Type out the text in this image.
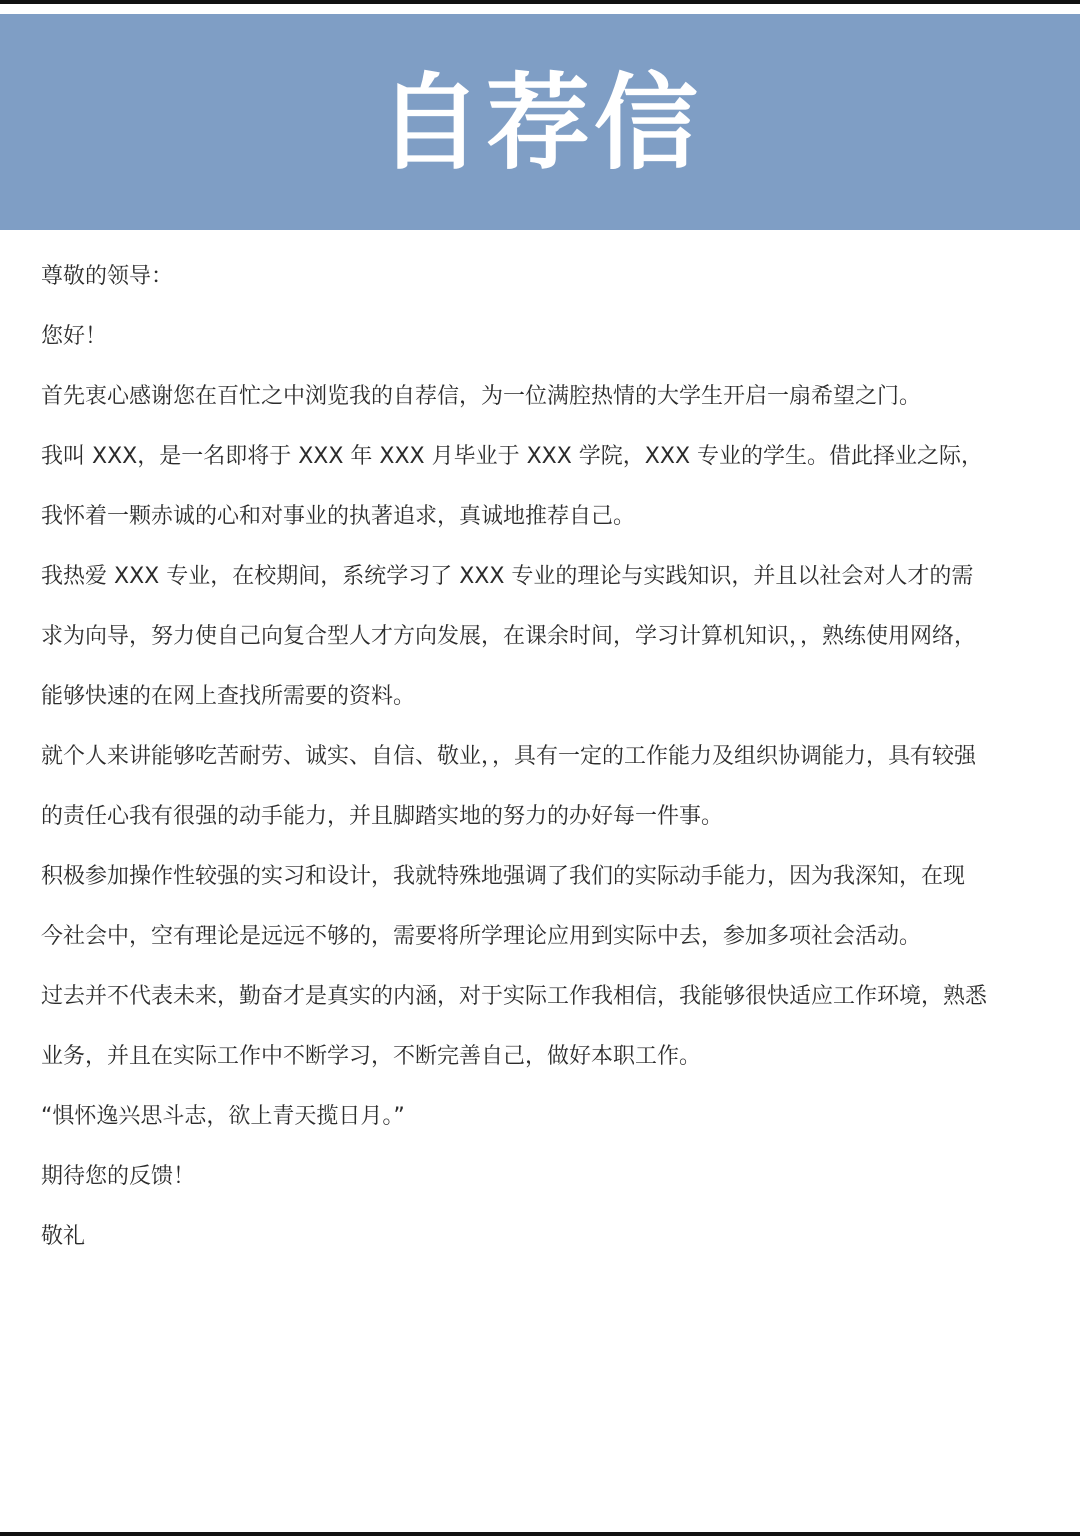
自荐信
尊敬的领导：
您好！
首先衷心感谢您在百忙之中浏览我的自荐信，为一位满腔热情的大学生开启一扇希望之门。
我叫 XXX，是一名即将于 XXX 年 XXX 月毕业于 XXX 学院，XXX 专业的学生。借此择业之际，
我怀着一颗赤诚的心和对事业的执著追求，真诚地推荐自己。
我热爱 XXX 专业，在校期间，系统学习了 XXX 专业的理论与实践知识，并且以社会对人才的需
求为向导，努力使自己向复合型人才方向发展，在课余时间，学习计算机知识，，熟练使用网络，
能够快速的在网上查找所需要的资料。
就个人来讲能够吃苦耐劳、诚实、自信、敬业，，具有一定的工作能力及组织协调能力，具有较强
的责任心我有很强的动手能力，并且脚踏实地的努力的办好每一件事。
积极参加操作性较强的实习和设计，我就特殊地强调了我们的实际动手能力，因为我深知，在现
今社会中，空有理论是远远不够的，需要将所学理论应用到实际中去，参加多项社会活动。
过去并不代表未来，勤奋才是真实的内涵，对于实际工作我相信，我能够很快适应工作环境，熟悉
业务，并且在实际工作中不断学习，不断完善自己，做好本职工作。
“惧怀逸兴思斗志，欲上青天揽日月。”
期待您的反馈！
敬礼
